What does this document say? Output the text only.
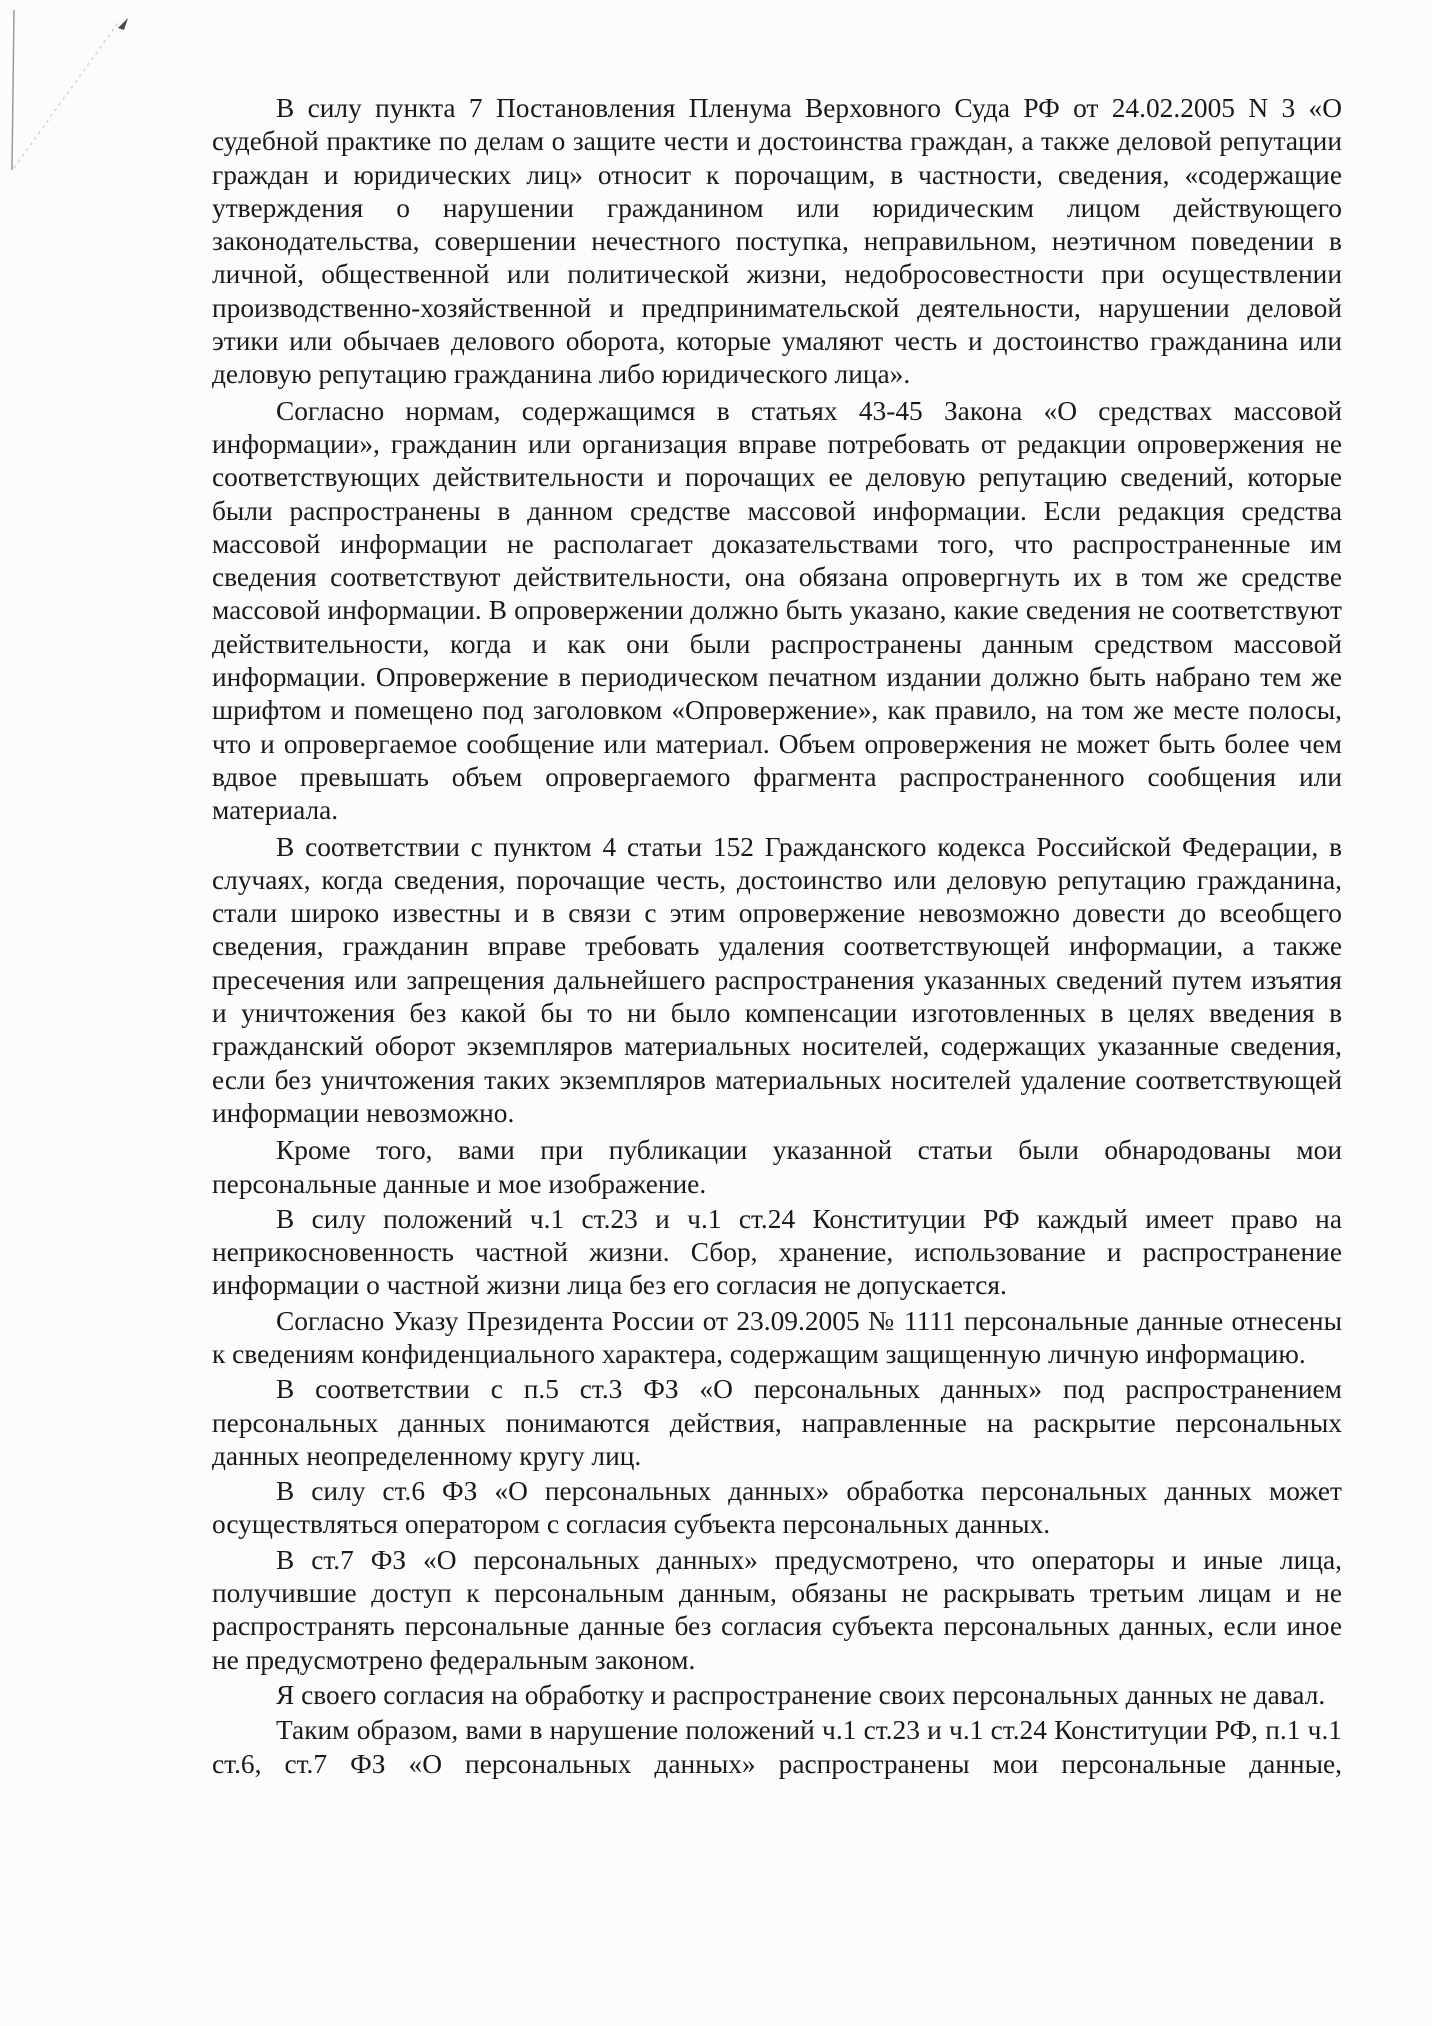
В силу пункта 7 Постановления Пленума Верховного Суда РФ от 24.02.2005 N 3 «О судебной практике по делам о защите чести и достоинства граждан, а также деловой репутации граждан и юридических лиц» относит к порочащим, в частности, сведения, «содержащие утверждения о нарушении гражданином или юридическим лицом действующего законодательства, совершении нечестного поступка, неправильном, неэтичном поведении в личной, общественной или политической жизни, недобросовестности при осуществлении производственно-хозяйственной и предпринимательской деятельности, нарушении деловой этики или обычаев делового оборота, которые умаляют честь и достоинство гражданина или деловую репутацию гражданина либо юридического лица».

Согласно нормам, содержащимся в статьях 43-45 Закона «О средствах массовой информации», гражданин или организация вправе потребовать от редакции опровержения не соответствующих действительности и порочащих ее деловую репутацию сведений, которые были распространены в данном средстве массовой информации. Если редакция средства массовой информации не располагает доказательствами того, что распространенные им сведения соответствуют действительности, она обязана опровергнуть их в том же средстве массовой информации. В опровержении должно быть указано, какие сведения не соответствуют действительности, когда и как они были распространены данным средством массовой информации. Опровержение в периодическом печатном издании должно быть набрано тем же шрифтом и помещено под заголовком «Опровержение», как правило, на том же месте полосы, что и опровергаемое сообщение или материал. Объем опровержения не может быть более чем вдвое превышать объем опровергаемого фрагмента распространенного сообщения или материала.

В соответствии с пунктом 4 статьи 152 Гражданского кодекса Российской Федерации, в случаях, когда сведения, порочащие честь, достоинство или деловую репутацию гражданина, стали широко известны и в связи с этим опровержение невозможно довести до всеобщего сведения, гражданин вправе требовать удаления соответствующей информации, а также пресечения или запрещения дальнейшего распространения указанных сведений путем изъятия и уничтожения без какой бы то ни было компенсации изготовленных в целях введения в гражданский оборот экземпляров материальных носителей, содержащих указанные сведения, если без уничтожения таких экземпляров материальных носителей удаление соответствующей информации невозможно.

Кроме того, вами при публикации указанной статьи были обнародованы мои персональные данные и мое изображение.

В силу положений ч.1 ст.23 и ч.1 ст.24 Конституции РФ каждый имеет право на неприкосновенность частной жизни. Сбор, хранение, использование и распространение информации о частной жизни лица без его согласия не допускается.

Согласно Указу Президента России от 23.09.2005 № 1111 персональные данные отнесены к сведениям конфиденциального характера, содержащим защищенную личную информацию.

В соответствии с п.5 ст.3 ФЗ «О персональных данных» под распространением персональных данных понимаются действия, направленные на раскрытие персональных данных неопределенному кругу лиц.

В силу ст.6 ФЗ «О персональных данных» обработка персональных данных может осуществляться оператором с согласия субъекта персональных данных.

В ст.7 ФЗ «О персональных данных» предусмотрено, что операторы и иные лица, получившие доступ к персональным данным, обязаны не раскрывать третьим лицам и не распространять персональные данные без согласия субъекта персональных данных, если иное не предусмотрено федеральным законом.

Я своего согласия на обработку и распространение своих персональных данных не давал.

Таким образом, вами в нарушение положений ч.1 ст.23 и ч.1 ст.24 Конституции РФ, п.1 ч.1 ст.6, ст.7 ФЗ «О персональных данных» распространены мои персональные данные,
